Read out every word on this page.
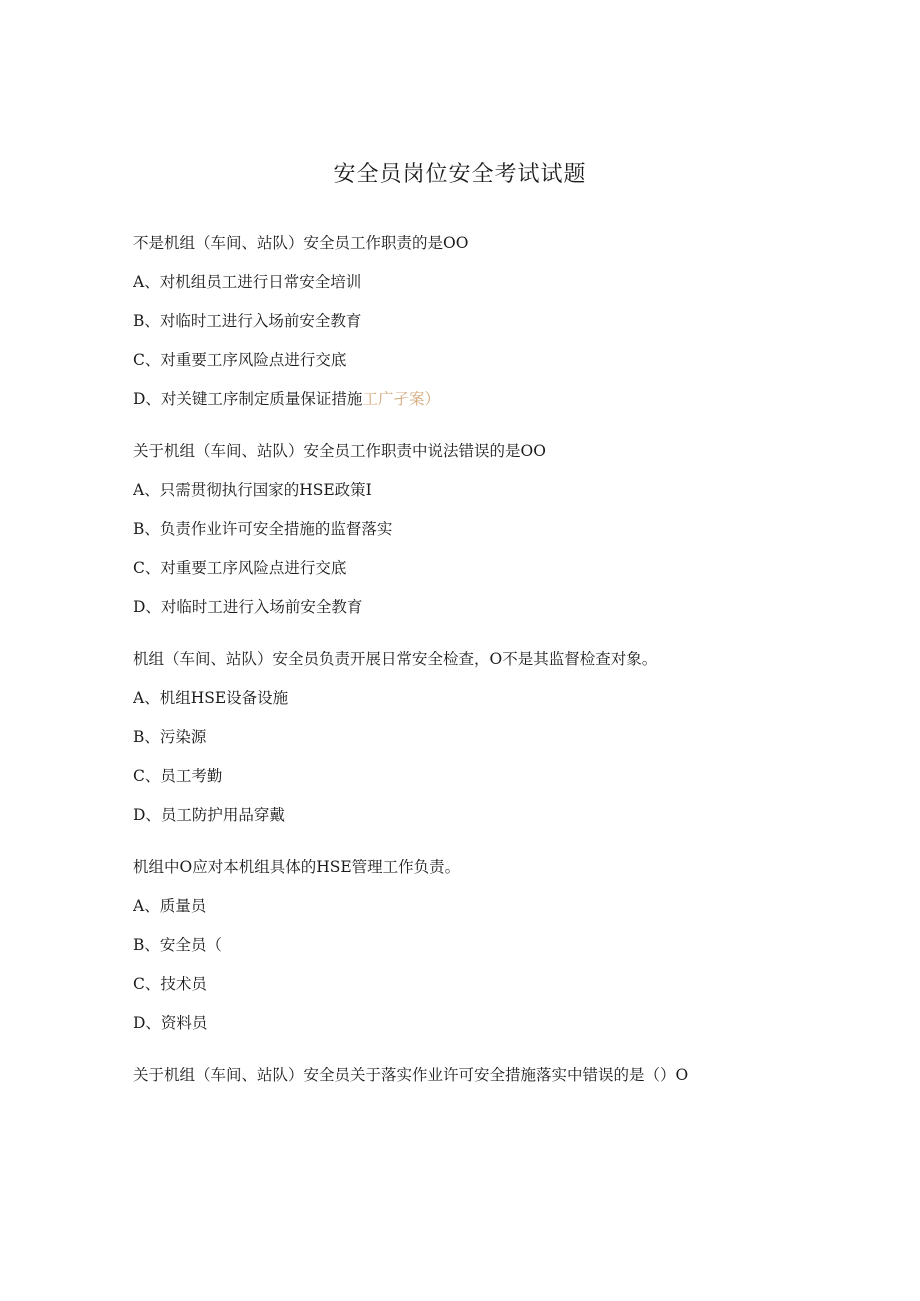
安全员岗位安全考试试题
不是机组（车间、站队）安全员工作职责的是OO
A、对机组员工进行日常安全培训
B、对临时工进行入场前安全教育
C、对重要工序风险点进行交底
D、对关键工序制定质量保证措施工广孑案）
关于机组（车间、站队）安全员工作职责中说法错误的是OO
A、只需贯彻执行国家的HSE政策I
B、负责作业许可安全措施的监督落实
C、对重要工序风险点进行交底
D、对临时工进行入场前安全教育
机组（车间、站队）安全员负责开展日常安全检查，O不是其监督检查对象。
A、机组HSE设备设施
B、污染源
C、员工考勤
D、员工防护用品穿戴
机组中O应对本机组具体的HSE管理工作负责。
A、质量员
B、安全员（
C、技术员
D、资料员
关于机组（车间、站队）安全员关于落实作业许可安全措施落实中错误的是（）O
